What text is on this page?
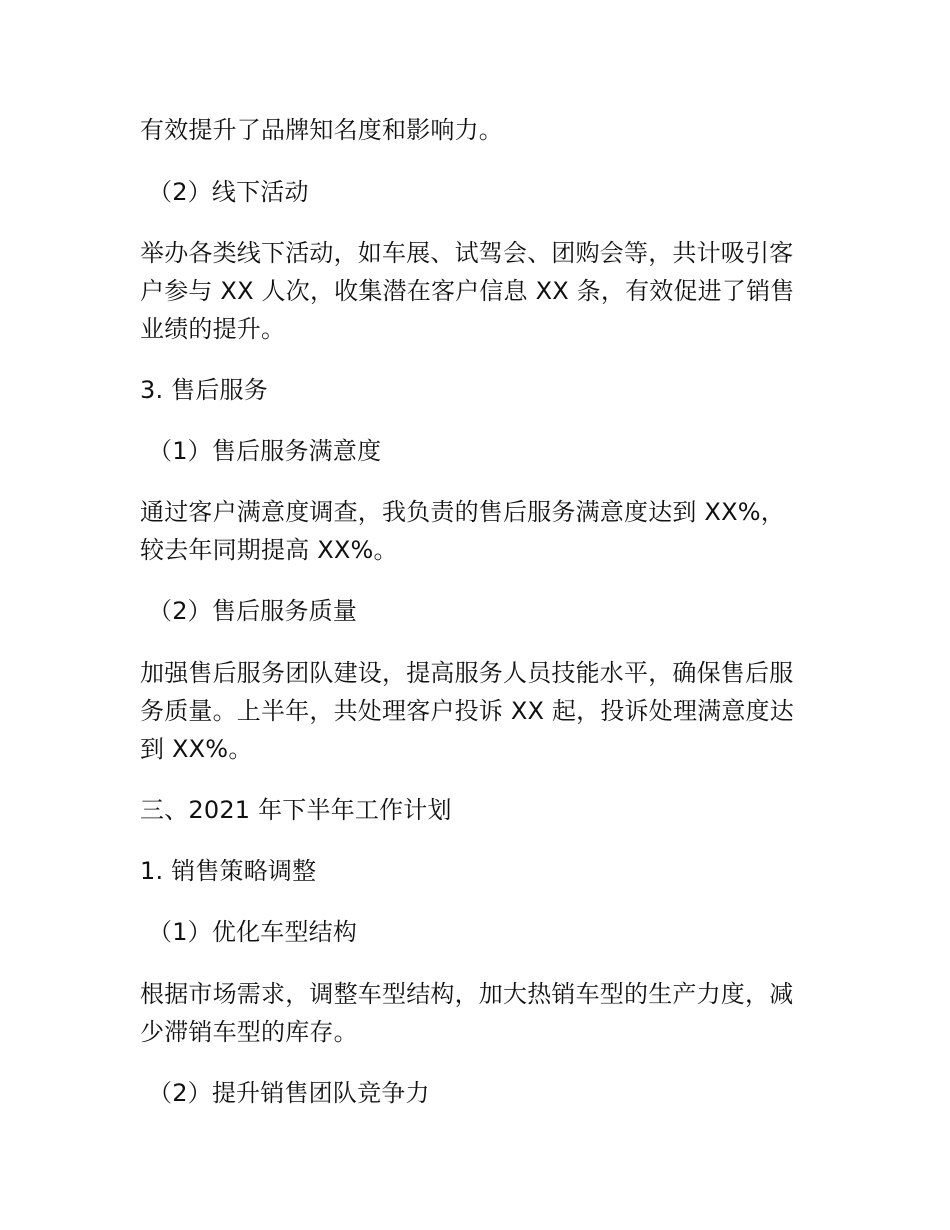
有效提升了品牌知名度和影响力。
（2）线下活动
举办各类线下活动，如车展、试驾会、团购会等，共计吸引客
户参与 XX 人次，收集潜在客户信息 XX 条，有效促进了销售
业绩的提升。
3. 售后服务
（1）售后服务满意度
通过客户满意度调查，我负责的售后服务满意度达到 XX%，
较去年同期提高 XX%。
（2）售后服务质量
加强售后服务团队建设，提高服务人员技能水平，确保售后服
务质量。上半年，共处理客户投诉 XX 起，投诉处理满意度达
到 XX%。
三、2021 年下半年工作计划
1. 销售策略调整
（1）优化车型结构
根据市场需求，调整车型结构，加大热销车型的生产力度，减
少滞销车型的库存。
（2）提升销售团队竞争力
